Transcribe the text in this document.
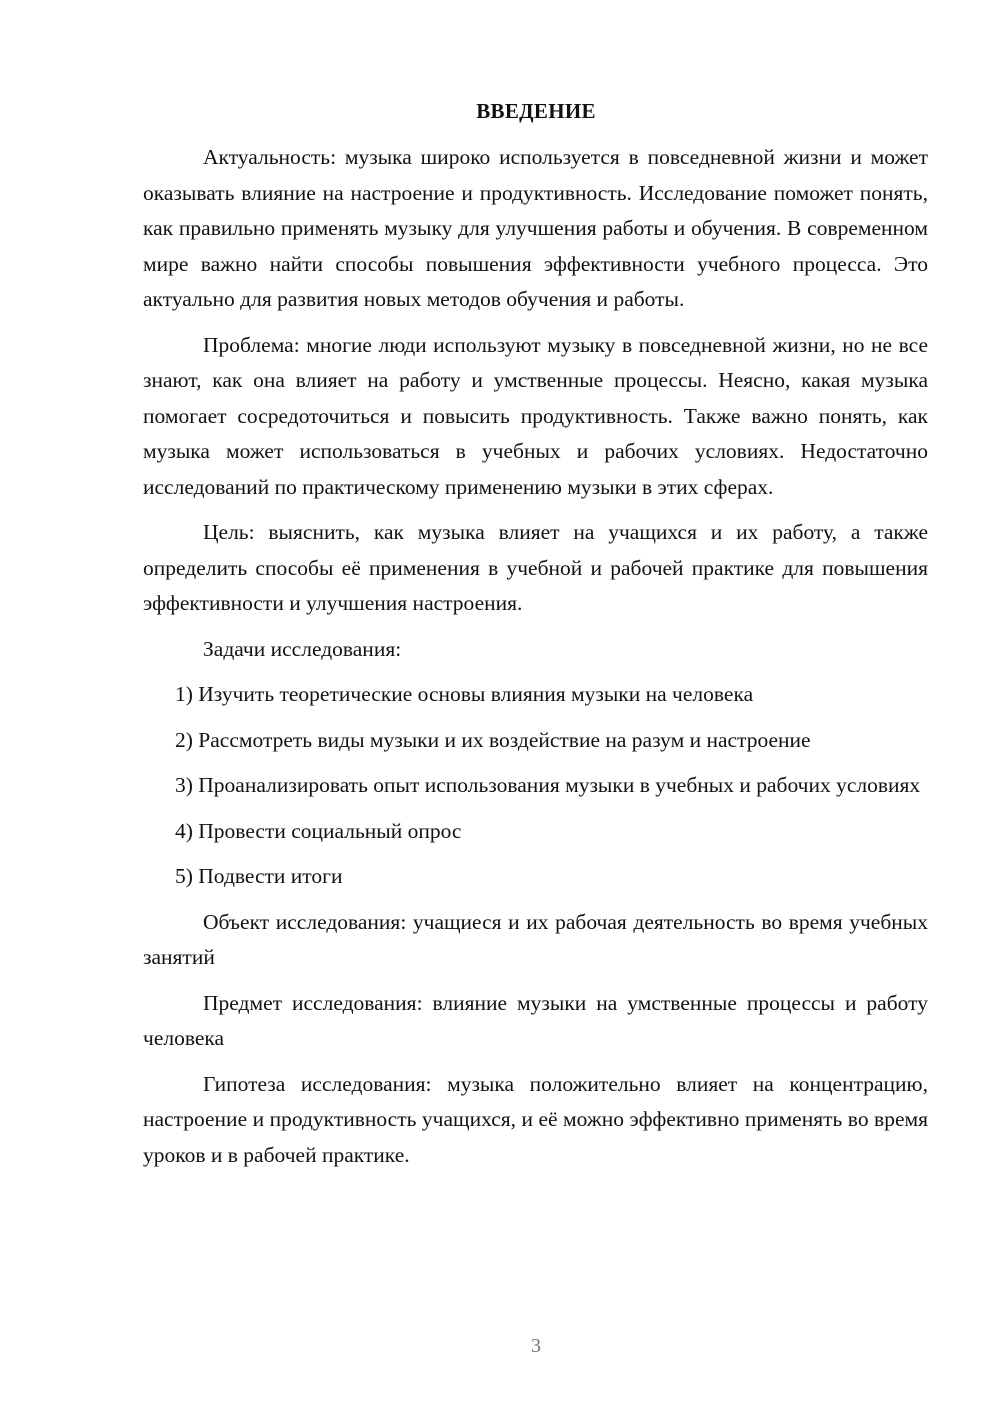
ВВЕДЕНИЕ

Актуальность: музыка широко используется в повседневной жизни и может оказывать влияние на настроение и продуктивность. Исследование поможет понять, как правильно применять музыку для улучшения работы и обучения. В современном мире важно найти способы повышения эффективности учебного процесса. Это актуально для развития новых методов обучения и работы.

Проблема: многие люди используют музыку в повседневной жизни, но не все знают, как она влияет на работу и умственные процессы. Неясно, какая музыка помогает сосредоточиться и повысить продуктивность. Также важно понять, как музыка может использоваться в учебных и рабочих условиях. Недостаточно исследований по практическому применению музыки в этих сферах.

Цель: выяснить, как музыка влияет на учащихся и их работу, а также определить способы её применения в учебной и рабочей практике для повышения эффективности и улучшения настроения.

Задачи исследования:

1) Изучить теоретические основы влияния музыки на человека

2) Рассмотреть виды музыки и их воздействие на разум и настроение

3) Проанализировать опыт использования музыки в учебных и рабочих условиях

4) Провести социальный опрос

5) Подвести итоги

Объект исследования: учащиеся и их рабочая деятельность во время учебных занятий

Предмет исследования: влияние музыки на умственные процессы и работу человека

Гипотеза исследования: музыка положительно влияет на концентрацию, настроение и продуктивность учащихся, и её можно эффективно применять во время уроков и в рабочей практике.

3
